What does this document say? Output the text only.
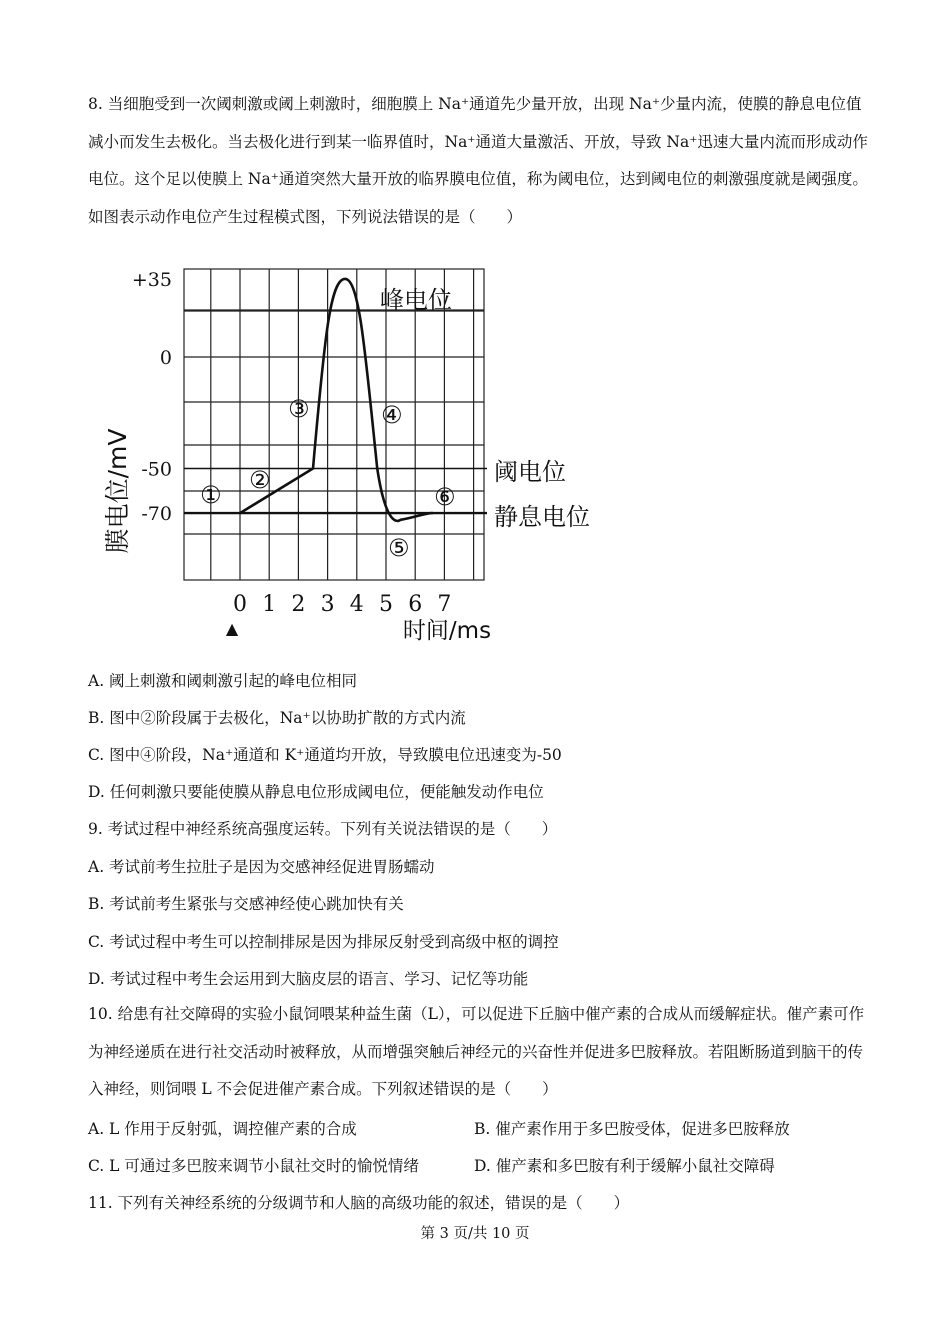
8. 当细胞受到一次阈刺激或阈上刺激时，细胞膜上 Na⁺通道先少量开放，出现 Na⁺少量内流，使膜的静息电位值减小而发生去极化。当去极化进行到某一临界值时，Na⁺通道大量激活、开放，导致 Na⁺迅速大量内流而形成动作电位。这个足以使膜上 Na⁺通道突然大量开放的临界膜电位值，称为阈电位，达到阈电位的刺激强度就是阈强度。如图表示动作电位产生过程模式图，下列说法错误的是（　　）
+35
0
-50
-70
0 1 2 3 4 5 6 7
膜电位/mV
时间/ms
峰电位
阈电位
静息电位
①
②
③	④
⑤
⑥
▲
A. 阈上刺激和阈刺激引起的峰电位相同
B. 图中②阶段属于去极化，Na⁺以协助扩散的方式内流
C. 图中④阶段，Na⁺通道和 K⁺通道均开放，导致膜电位迅速变为-50
D. 任何刺激只要能使膜从静息电位形成阈电位，便能触发动作电位
9. 考试过程中神经系统高强度运转。下列有关说法错误的是（　　）
A. 考试前考生拉肚子是因为交感神经促进胃肠蠕动
B. 考试前考生紧张与交感神经使心跳加快有关
C. 考试过程中考生可以控制排尿是因为排尿反射受到高级中枢的调控
D. 考试过程中考生会运用到大脑皮层的语言、学习、记忆等功能
10. 给患有社交障碍的实验小鼠饲喂某种益生菌（L），可以促进下丘脑中催产素的合成从而缓解症状。催产素可作为神经递质在进行社交活动时被释放，从而增强突触后神经元的兴奋性并促进多巴胺释放。若阻断肠道到脑干的传入神经，则饲喂 L 不会促进催产素合成。下列叙述错误的是（　　）
A. L 作用于反射弧，调控催产素的合成	B. 催产素作用于多巴胺受体，促进多巴胺释放
C. L 可通过多巴胺来调节小鼠社交时的愉悦情绪	D. 催产素和多巴胺有利于缓解小鼠社交障碍
11. 下列有关神经系统的分级调节和人脑的高级功能的叙述，错误的是（　　）
第 3 页/共 10 页
